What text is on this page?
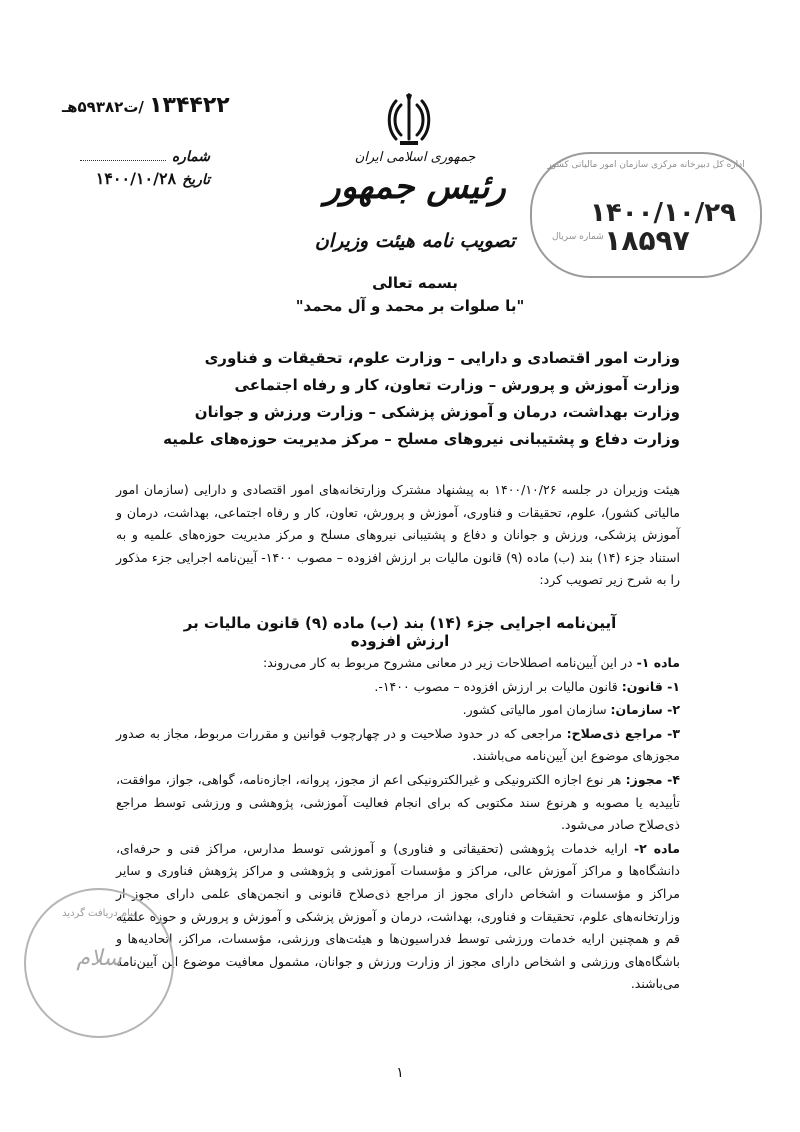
۱۳۴۴۲۲ /ت۵۹۳۸۲هـ
شماره
تاریخ
۱۴۰۰/۱۰/۲۸
جمهوری اسلامی ایران
رئیس جمهور
تصویب نامه هیئت وزیران
بسمه تعالی
"با صلوات بر محمد و آل محمد"
اداره کل دبیرخانه مرکزی سازمان امور مالیاتی کشور
۱۴۰۰/۱۰/۲۹
شماره سریال ۱۸۵۹۷
وزارت امور اقتصادی و دارایی – وزارت علوم، تحقیقات و فناوری
وزارت آموزش و پرورش – وزارت تعاون، کار و رفاه اجتماعی
وزارت بهداشت، درمان و آموزش پزشکی – وزارت ورزش و جوانان
وزارت دفاع و پشتیبانی نیروهای مسلح – مرکز مدیریت حوزه‌های علمیه
هیئت وزیران در جلسه ۱۴۰۰/۱۰/۲۶ به پیشنهاد مشترک وزارتخانه‌های امور اقتصادی و دارایی (سازمان امور مالیاتی کشور)، علوم، تحقیقات و فناوری، آموزش و پرورش، تعاون، کار و رفاه اجتماعی، بهداشت، درمان و آموزش پزشکی، ورزش و جوانان و دفاع و پشتیبانی نیروهای مسلح و مرکز مدیریت حوزه‌های علمیه و به استناد جزء (۱۴) بند (ب) ماده (۹) قانون مالیات بر ارزش افزوده – مصوب ۱۴۰۰- آیین‌نامه اجرایی جزء مذکور را به شرح زیر تصویب کرد:
آیین‌نامه اجرایی جزء (۱۴) بند (ب) ماده (۹) قانون مالیات بر ارزش افزوده

ماده ۱- در این آیین‌نامه اصطلاحات زیر در معانی مشروح مربوط به کار می‌روند:

۱- قانون: قانون مالیات بر ارزش افزوده – مصوب ۱۴۰۰-.

۲- سازمان: سازمان امور مالیاتی کشور.

۳- مراجع ذی‌صلاح: مراجعی که در حدود صلاحیت و در چهارچوب قوانین و مقررات مربوط، مجاز به صدور مجوزهای موضوع این آیین‌نامه می‌باشند.

۴- مجوز: هر نوع اجازه الکترونیکی و غیرالکترونیکی اعم از مجوز، پروانه، اجازه‌نامه، گواهی، جواز، موافقت، تأییدیه یا مصوبه و هرنوع سند مکتوبی که برای انجام فعالیت آموزشی، پژوهشی و ورزشی توسط مراجع ذی‌صلاح صادر می‌شود.

ماده ۲- ارایه خدمات پژوهشی (تحقیقاتی و فناوری) و آموزشی توسط مدارس، مراکز فنی و حرفه‌ای، دانشگاه‌ها و مراکز آموزش عالی، مراکز و مؤسسات آموزشی و پژوهشی و مراکز پژوهش فناوری و سایر مراکز و مؤسسات و اشخاص دارای مجوز از مراجع ذی‌صلاح قانونی و انجمن‌های علمی دارای مجوز از وزارتخانه‌های علوم، تحقیقات و فناوری، بهداشت، درمان و آموزش پزشکی و آموزش و پرورش و حوزه علمیه قم و همچنین ارایه خدمات ورزشی توسط فدراسیون‌ها و هیئت‌های ورزشی، مؤسسات، مراکز، اتحادیه‌ها و باشگاه‌های ورزشی و اشخاص دارای مجوز از وزارت ورزش و جوانان، مشمول معافیت موضوع این آیین‌نامه می‌باشند.

پیام دریافت گردید
سلام
۱
